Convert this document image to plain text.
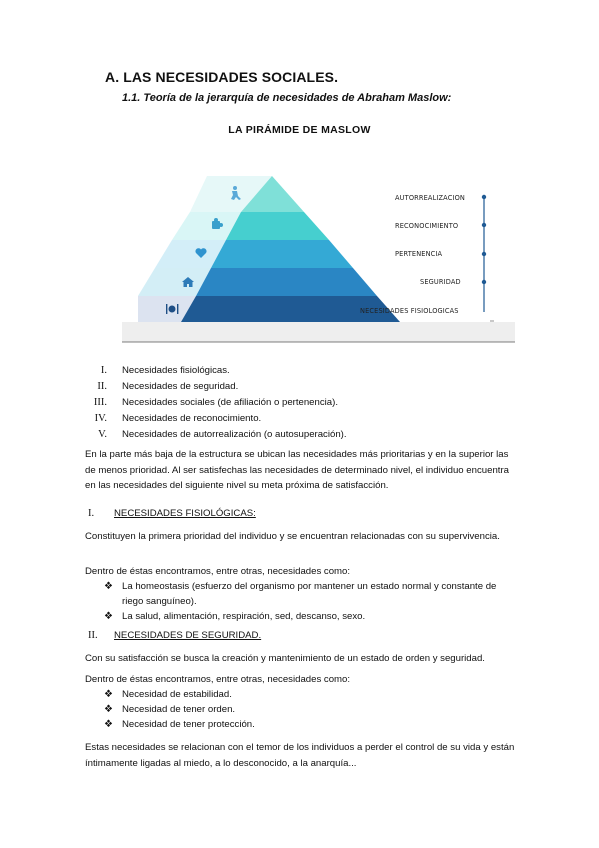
A. LAS NECESIDADES SOCIALES.
1.1. Teoría de la jerarquía de necesidades de Abraham Maslow:
LA PIRÁMIDE DE MASLOW
AUTORREALIZACION
RECONOCIMIENTO
PERTENENCIA
SEGURIDAD
NECESIDADES FISIOLOGICAS
I. Necesidades fisiológicas.
II. Necesidades de seguridad.
III. Necesidades sociales (de afiliación o pertenencia).
IV. Necesidades de reconocimiento.
V. Necesidades de autorrealización (o autosuperación).
En la parte más baja de la estructura se ubican las necesidades más prioritarias y en la superior las de menos prioridad. Al ser satisfechas las necesidades de determinado nivel, el individuo encuentra en las necesidades del siguiente nivel su meta próxima de satisfacción.
I. NECESIDADES FISIOLÓGICAS:
Constituyen la primera prioridad del individuo y se encuentran relacionadas con su supervivencia.
Dentro de éstas encontramos, entre otras, necesidades como:
❖ La homeostasis (esfuerzo del organismo por mantener un estado normal y constante de riego sanguíneo).
❖ La salud, alimentación, respiración, sed, descanso, sexo.
II. NECESIDADES DE SEGURIDAD.
Con su satisfacción se busca la creación y mantenimiento de un estado de orden y seguridad.
Dentro de éstas encontramos, entre otras, necesidades como:
❖ Necesidad de estabilidad.
❖ Necesidad de tener orden.
❖ Necesidad de tener protección.
Estas necesidades se relacionan con el temor de los individuos a perder el control de su vida y están íntimamente ligadas al miedo, a lo desconocido, a la anarquía...
